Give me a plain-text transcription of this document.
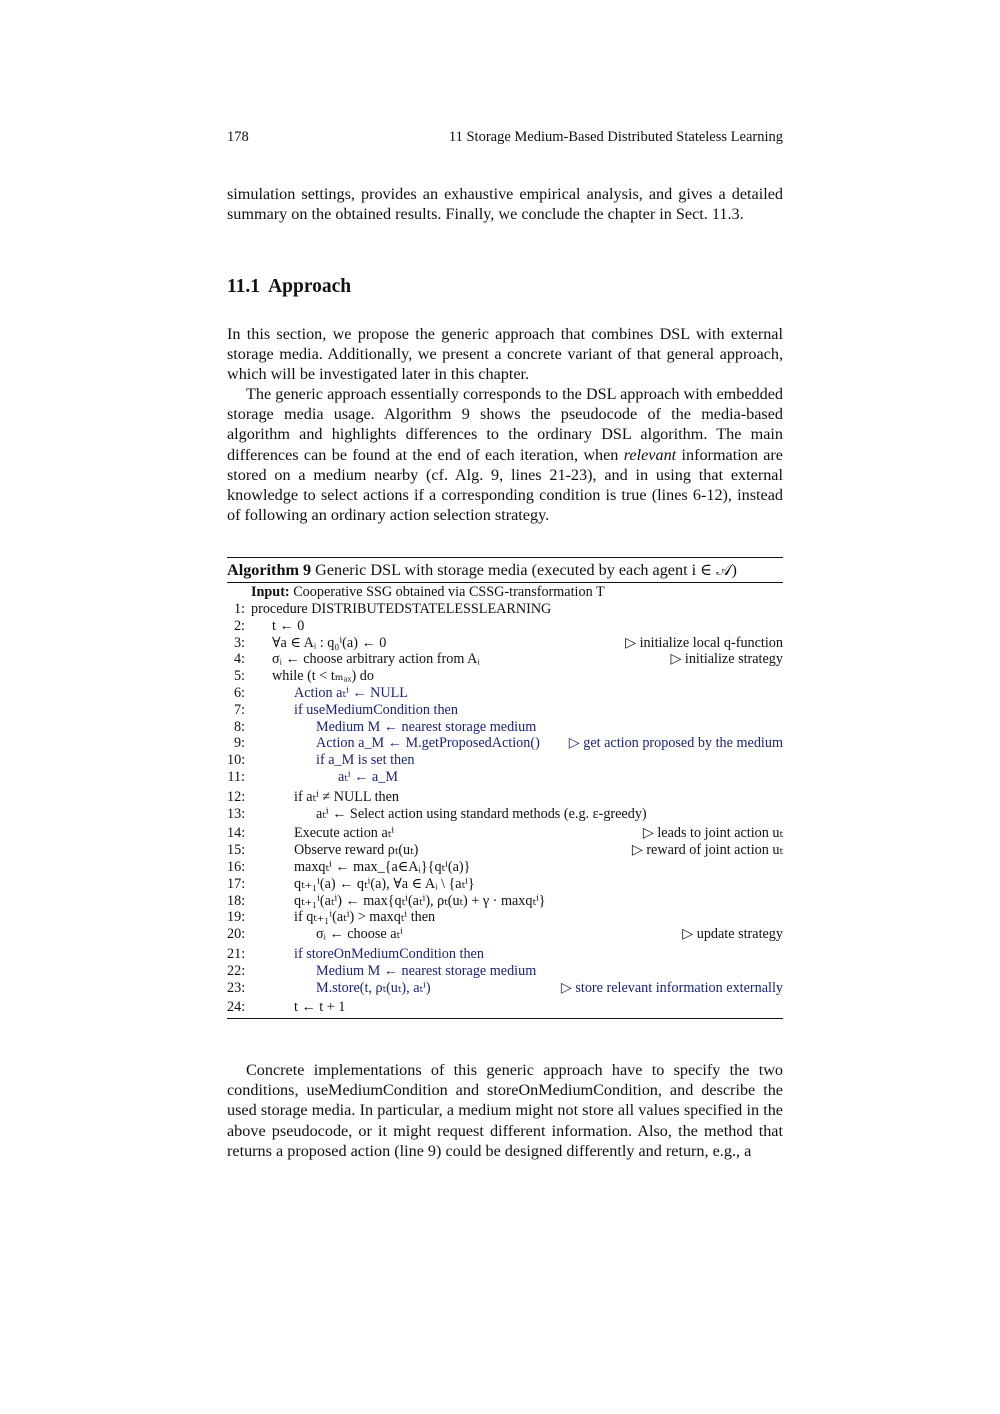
178	11 Storage Medium-Based Distributed Stateless Learning

simulation settings, provides an exhaustive empirical analysis, and gives a detailed summary on the obtained results. Finally, we conclude the chapter in Sect. 11.3.

11.1 Approach

In this section, we propose the generic approach that combines DSL with external storage media. Additionally, we present a concrete variant of that general approach, which will be investigated later in this chapter.

The generic approach essentially corresponds to the DSL approach with embedded storage media usage. Algorithm 9 shows the pseudocode of the media-based algorithm and highlights differences to the ordinary DSL algorithm. The main differences can be found at the end of each iteration, when relevant information are stored on a medium nearby (cf. Alg. 9, lines 21-23), and in using that external knowledge to select actions if a corresponding condition is true (lines 6-12), instead of following an ordinary action selection strategy.

Algorithm 9 Generic DSL with storage media (executed by each agent i ∈ 𝒜)
Input: Cooperative SSG obtained via CSSG-transformation T
1: procedure DISTRIBUTEDSTATELESSLEARNING
2: t ← 0
3: ∀a ∈ Aᵢ : q₀ⁱ(a) ← 0	▷ initialize local q-function
4: σᵢ ← choose arbitrary action from Aᵢ	▷ initialize strategy
5: while (t < tₘₐₓ) do
6:	Action aₜⁱ ← NULL
7:	if useMediumCondition then
8:	Medium M ← nearest storage medium
9:	Action a_M ← M.getProposedAction() ▷ get action proposed by the medium
10:	if a_M is set then
11:	aₜⁱ ← a_M
12:	if aₜⁱ ≠ NULL then
13:	aₜⁱ ← Select action using standard methods (e.g. ε-greedy)
14:	Execute action aₜⁱ	▷ leads to joint action uₜ
15:	Observe reward ρₜ(uₜ)	▷ reward of joint action uₜ
16:	maxqₜⁱ ← max_{a∈Aᵢ}{qₜⁱ(a)}
17:	qₜ₊₁ⁱ(a) ← qₜⁱ(a), ∀a ∈ Aᵢ \ {aₜⁱ}
18:	qₜ₊₁ⁱ(aₜⁱ) ← max{qₜⁱ(aₜⁱ), ρₜ(uₜ) + γ · maxqₜⁱ}
19:	if qₜ₊₁ⁱ(aₜⁱ) > maxqₜⁱ then
20:	σᵢ ← choose aₜⁱ	▷ update strategy
21:	if storeOnMediumCondition then
22:	Medium M ← nearest storage medium
23:	M.store(t, ρₜ(uₜ), aₜⁱ)	▷ store relevant information externally
24:	t ← t + 1

Concrete implementations of this generic approach have to specify the two conditions, useMediumCondition and storeOnMediumCondition, and describe the used storage media. In particular, a medium might not store all values specified in the above pseudocode, or it might request different information. Also, the method that returns a proposed action (line 9) could be designed differently and return, e.g., a
